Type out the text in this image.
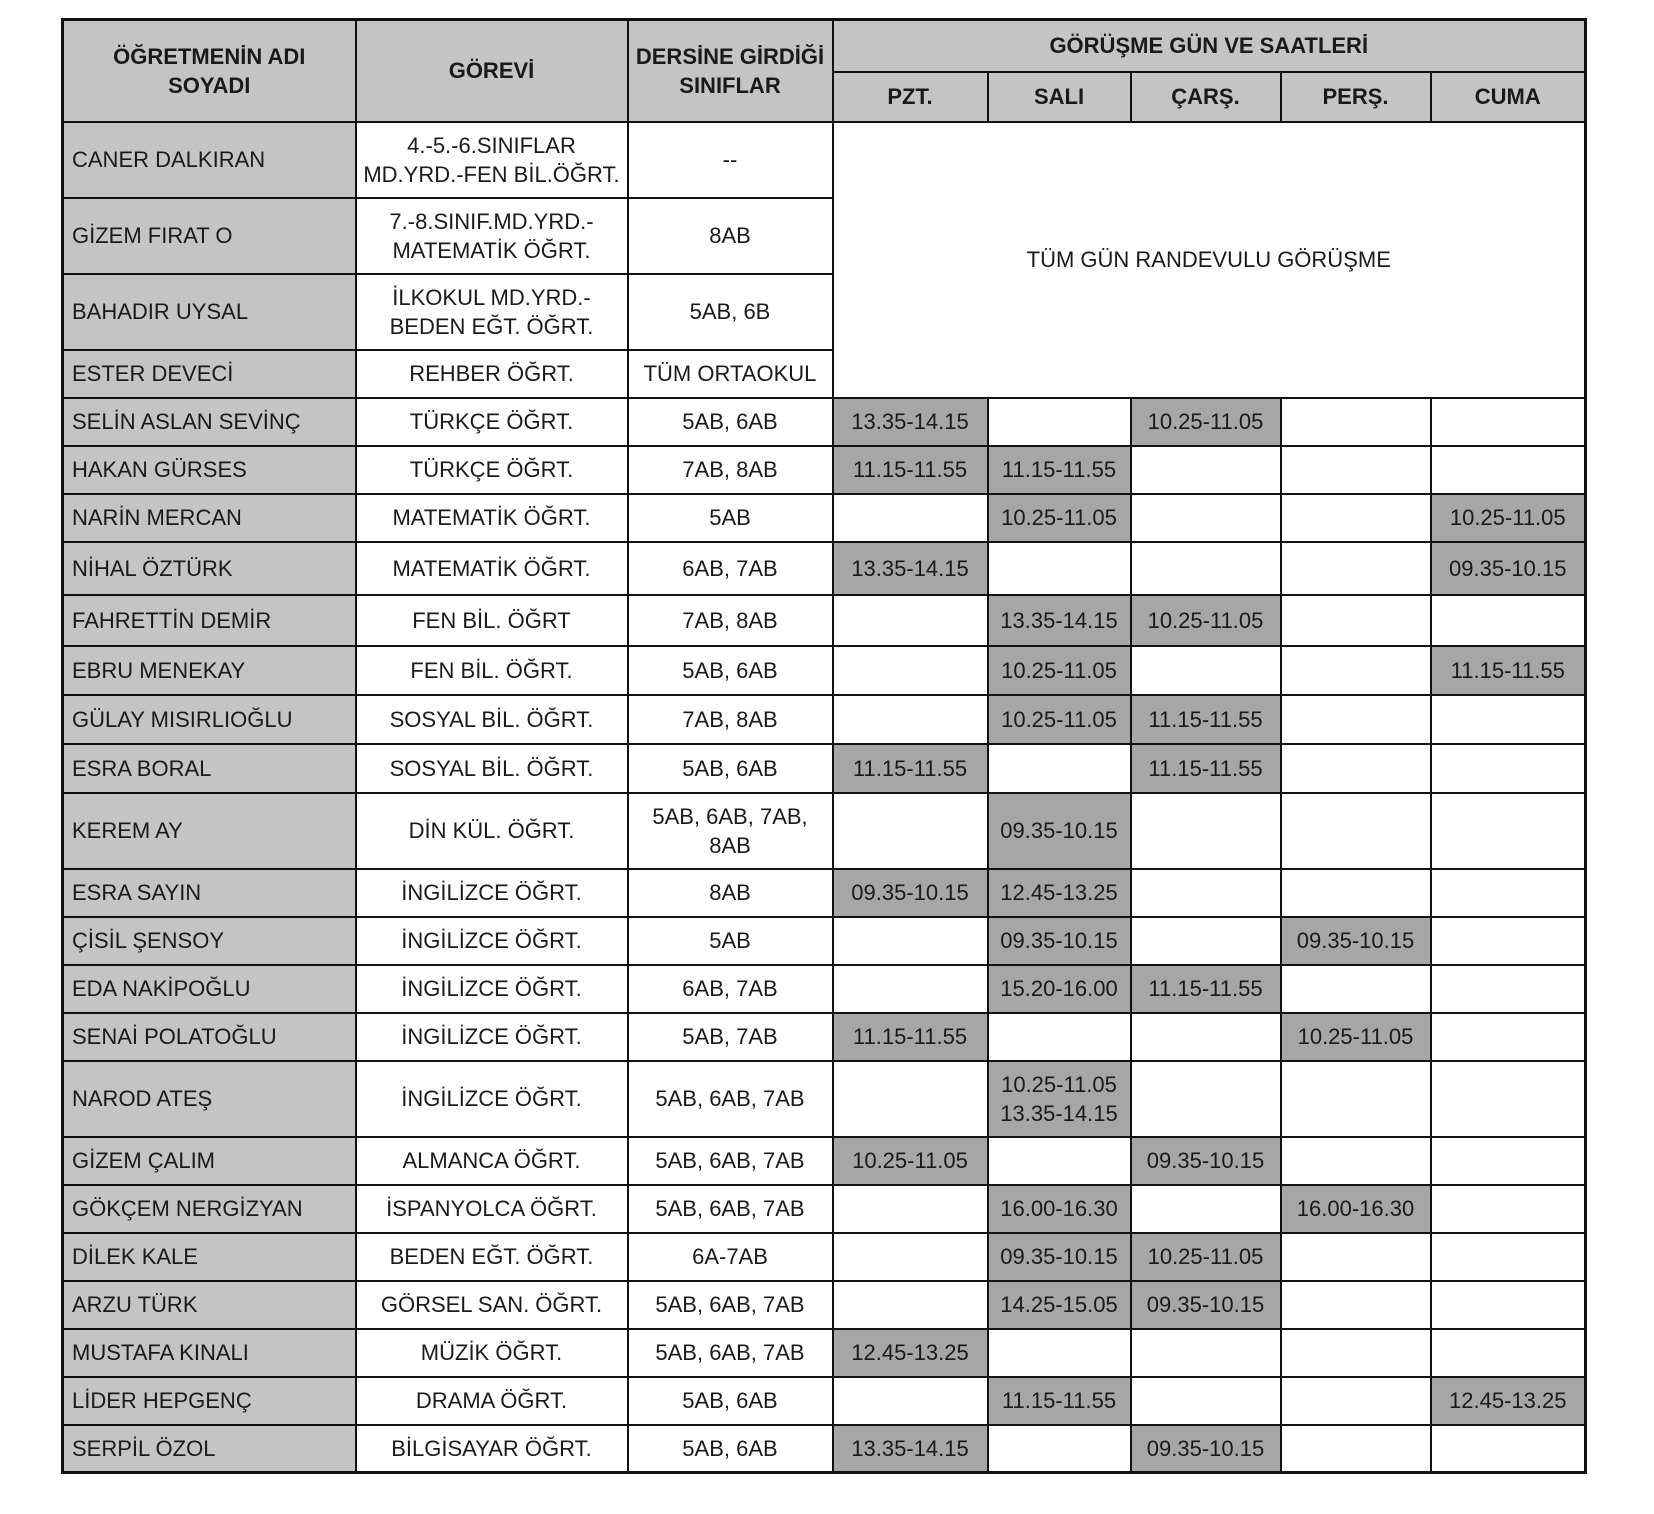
ÖĞRETMENİN ADI SOYADI	GÖREVİ	DERSİNE GİRDİĞİ SINIFLAR	GÖRÜŞME GÜN VE SAATLERİ				
			PZT.	SALI	ÇARŞ.	PERŞ.	CUMA
CANER DALKIRAN	4.-5.-6.SINIFLAR
MD.YRD.-FEN BİL.ÖĞRT.	--	TÜM GÜN RANDEVULU GÖRÜŞME				
GİZEM FIRAT O	7.-8.SINIF.MD.YRD.-
MATEMATİK ÖĞRT.	8AB					

BAHADIR UYSAL	İLKOKUL MD.YRD.-
BEDEN EĞT. ÖĞRT.	5AB, 6B					

ESTER DEVECİ	REHBER ÖĞRT.	TÜM ORTAOKUL					

SELİN ASLAN SEVİNÇ	TÜRKÇE ÖĞRT.	5AB, 6AB	13.35-14.15		10.25-11.05		

HAKAN GÜRSES	TÜRKÇE ÖĞRT.	7AB, 8AB	11.15-11.55	11.15-11.55			

NARİN MERCAN	MATEMATİK ÖĞRT.	5AB		10.25-11.05			10.25-11.05

NİHAL ÖZTÜRK	MATEMATİK ÖĞRT.	6AB, 7AB	13.35-14.15				09.35-10.15

FAHRETTİN DEMİR	FEN BİL. ÖĞRT	7AB, 8AB		13.35-14.15	10.25-11.05		

EBRU MENEKAY	FEN BİL. ÖĞRT.	5AB, 6AB		10.25-11.05			11.15-11.55

GÜLAY MISIRLIOĞLU	SOSYAL BİL. ÖĞRT.	7AB, 8AB		10.25-11.05	11.15-11.55		

ESRA BORAL	SOSYAL BİL. ÖĞRT.	5AB, 6AB	11.15-11.55		11.15-11.55		

KEREM AY	DİN KÜL. ÖĞRT.	5AB, 6AB, 7AB,
8AB		09.35-10.15			

ESRA SAYIN	İNGİLİZCE ÖĞRT.	8AB	09.35-10.15	12.45-13.25			

ÇİSİL ŞENSOY	İNGİLİZCE ÖĞRT.	5AB		09.35-10.15		09.35-10.15	

EDA NAKİPOĞLU	İNGİLİZCE ÖĞRT.	6AB, 7AB		15.20-16.00	11.15-11.55		

SENAİ POLATOĞLU	İNGİLİZCE ÖĞRT.	5AB, 7AB	11.15-11.55			10.25-11.05	

NAROD ATEŞ	İNGİLİZCE ÖĞRT.	5AB, 6AB, 7AB		10.25-11.05
13.35-14.15			

GİZEM ÇALIM	ALMANCA ÖĞRT.	5AB, 6AB, 7AB	10.25-11.05		09.35-10.15		

GÖKÇEM NERGİZYAN	İSPANYOLCA ÖĞRT.	5AB, 6AB, 7AB		16.00-16.30		16.00-16.30	

DİLEK KALE	BEDEN EĞT. ÖĞRT.	6A-7AB		09.35-10.15	10.25-11.05		

ARZU TÜRK	GÖRSEL SAN. ÖĞRT.	5AB, 6AB, 7AB		14.25-15.05	09.35-10.15		

MUSTAFA KINALI	MÜZİK ÖĞRT.	5AB, 6AB, 7AB	12.45-13.25				

LİDER HEPGENÇ	DRAMA ÖĞRT.	5AB, 6AB		11.15-11.55			12.45-13.25

SERPİL ÖZOL	BİLGİSAYAR ÖĞRT.	5AB, 6AB	13.35-14.15		09.35-10.15		
